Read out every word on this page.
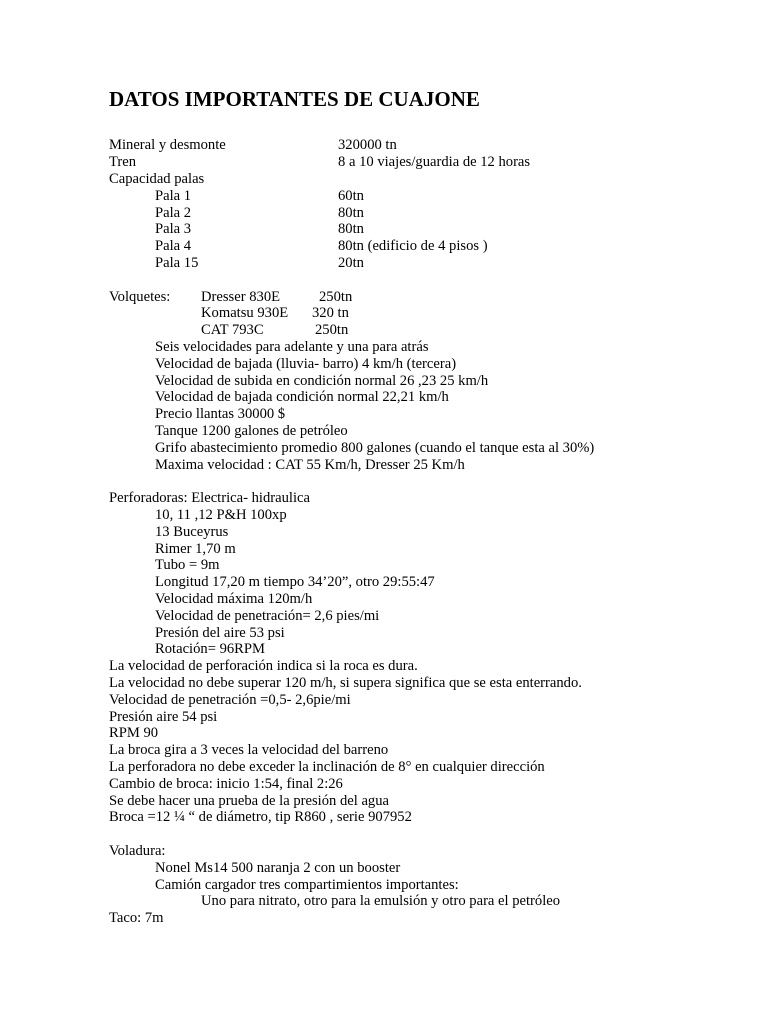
DATOS IMPORTANTES DE CUAJONE
Mineral y desmonte	320000 tn
Tren	8 a 10 viajes/guardia de 12 horas
Capacidad palas
Pala 1	60tn
Pala 2	80tn
Pala 3	80tn
Pala 4	80tn (edificio de 4 pisos )
Pala 15	20tn
Volquetes: Dresser 830E	250tn
Komatsu 930E 320 tn
CAT 793C	250tn
Seis velocidades para adelante y una para atrás
Velocidad de bajada (lluvia- barro) 4 km/h (tercera)
Velocidad de subida en condición normal 26 ,23 25 km/h
Velocidad de bajada condición normal 22,21 km/h
Precio llantas 30000 $
Tanque 1200 galones de petróleo
Grifo abastecimiento promedio 800 galones (cuando el tanque esta al 30%)
Maxima velocidad : CAT 55 Km/h, Dresser 25 Km/h
Perforadoras: Electrica- hidraulica
10, 11 ,12 P&H 100xp
13 Buceyrus
Rimer 1,70 m
Tubo = 9m
Longitud 17,20 m tiempo 34’20”, otro 29:55:47
Velocidad máxima 120m/h
Velocidad de penetración= 2,6 pies/mi
Presión del aire 53 psi
Rotación= 96RPM
La velocidad de perforación indica si la roca es dura.
La velocidad no debe superar 120 m/h, si supera significa que se esta enterrando.
Velocidad de penetración =0,5- 2,6pie/mi
Presión aire 54 psi
RPM 90
La broca gira a 3 veces la velocidad del barreno
La perforadora no debe exceder la inclinación de 8° en cualquier dirección
Cambio de broca: inicio 1:54, final 2:26
Se debe hacer una prueba de la presión del agua
Broca =12 ¼ “ de diámetro, tip R860 , serie 907952
Voladura:
Nonel Ms14 500 naranja 2 con un booster
Camión cargador tres compartimientos importantes:
Uno para nitrato, otro para la emulsión y otro para el petróleo
Taco: 7m
